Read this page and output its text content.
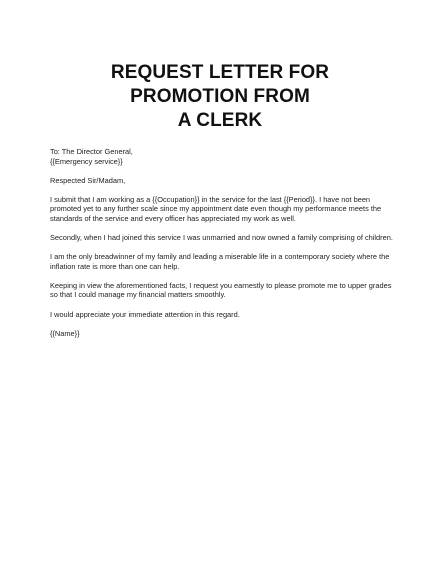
REQUEST LETTER FOR PROMOTION FROM
A CLERK
To: The Director General,
{{Emergency service}}
Respected Sir/Madam,
I submit that I am working as a {{Occupation}} in the service for the last {{Period}}. I have not been
promoted yet to any further scale since my appointment date even though my performance meets the
standards of the service and every officer has appreciated my work as well.
Secondly, when I had joined this service I was unmarried and now owned a family comprising of children.
I am the only breadwinner of my family and leading a miserable life in a contemporary society where the
inflation rate is more than one can help.
Keeping in view the aforementioned facts, I request you earnestly to please promote me to upper grades
so that I could manage my financial matters smoothly.
I would appreciate your immediate attention in this regard.
{{Name}}
